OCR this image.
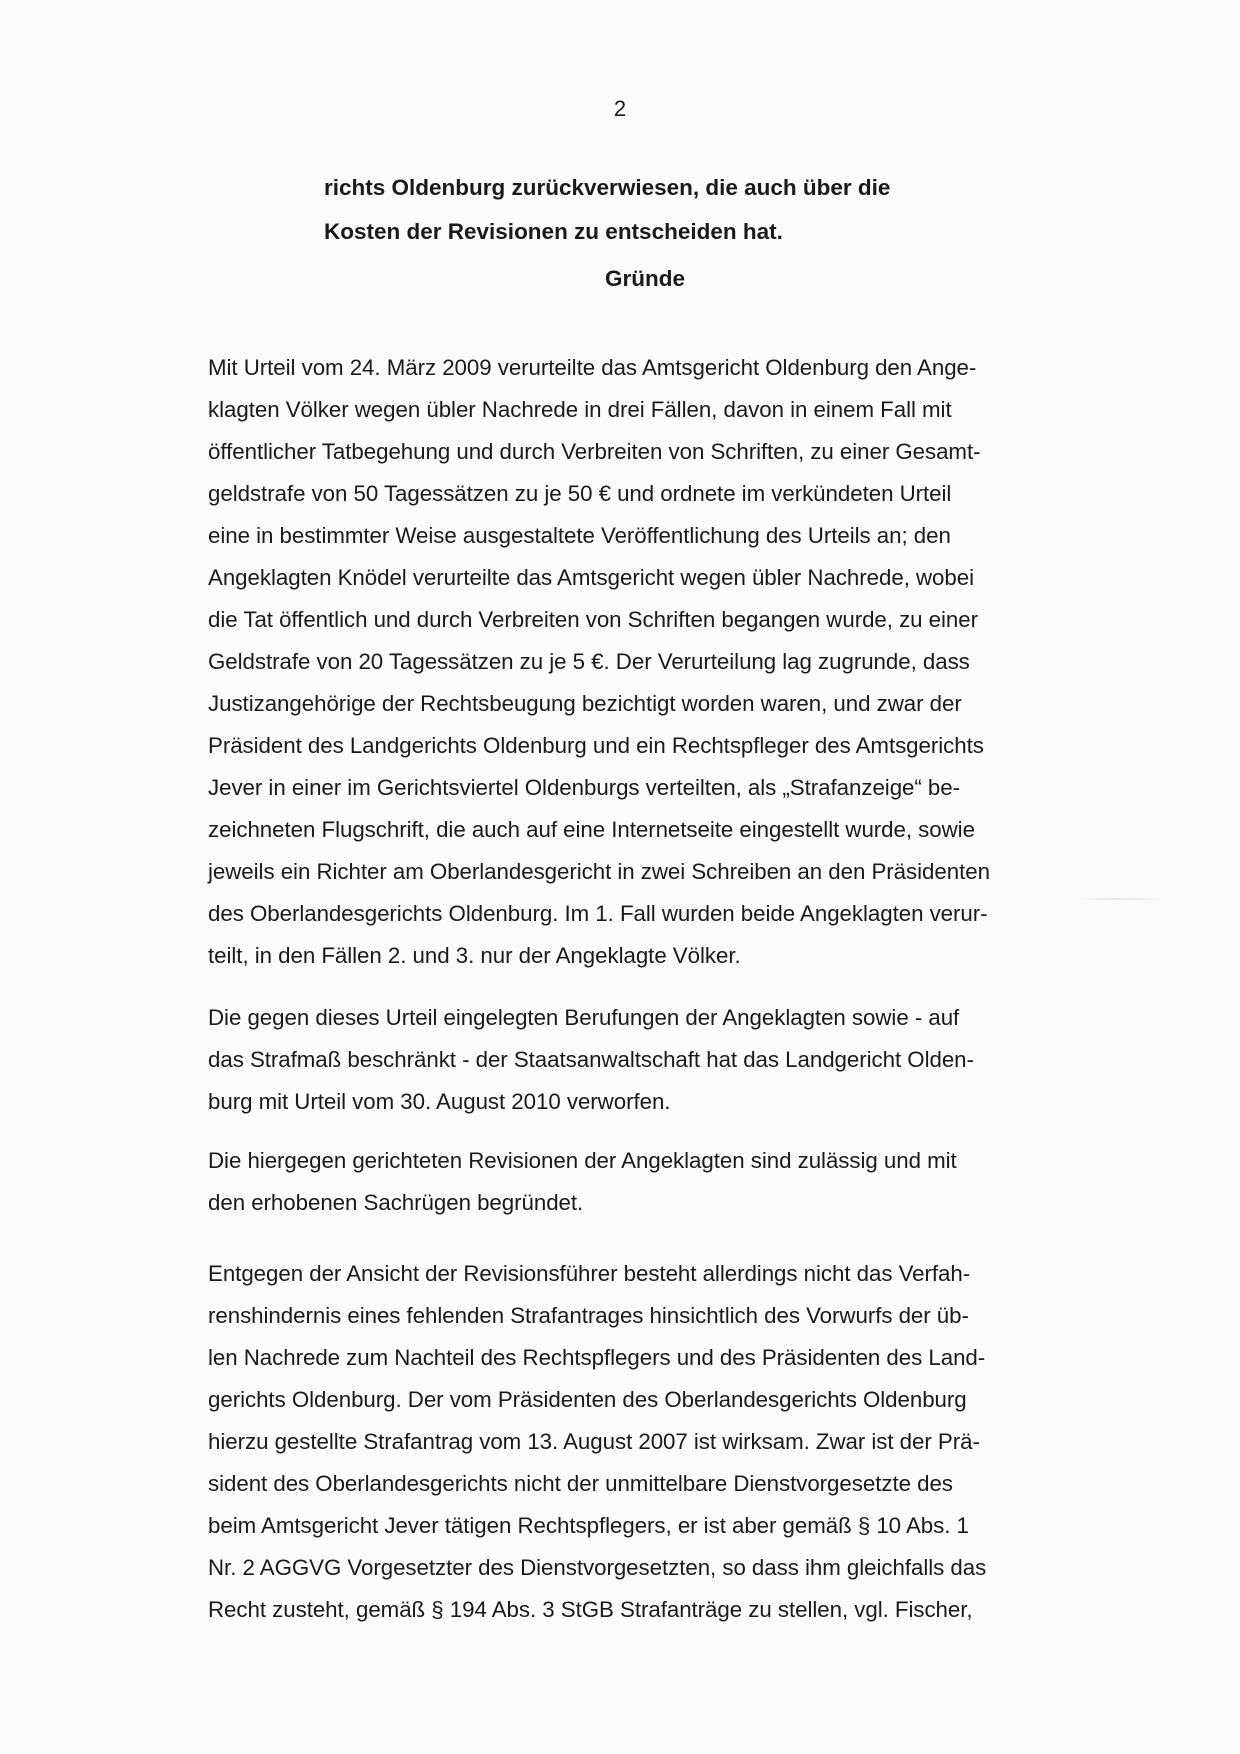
2
richts Oldenburg zurückverwiesen, die auch über die
Kosten der Revisionen zu entscheiden hat.
Gründe
Mit Urteil vom 24. März 2009 verurteilte das Amtsgericht Oldenburg den Ange-
klagten Völker wegen übler Nachrede in drei Fällen, davon in einem Fall mit
öffentlicher Tatbegehung und durch Verbreiten von Schriften, zu einer Gesamt-
geldstrafe von 50 Tagessätzen zu je 50 € und ordnete im verkündeten Urteil
eine in bestimmter Weise ausgestaltete Veröffentlichung des Urteils an; den
Angeklagten Knödel verurteilte das Amtsgericht wegen übler Nachrede, wobei
die Tat öffentlich und durch Verbreiten von Schriften begangen wurde, zu einer
Geldstrafe von 20 Tagessätzen zu je 5 €. Der Verurteilung lag zugrunde, dass
Justizangehörige der Rechtsbeugung bezichtigt worden waren, und zwar der
Präsident des Landgerichts Oldenburg und ein Rechtspfleger des Amtsgerichts
Jever in einer im Gerichtsviertel Oldenburgs verteilten, als „Strafanzeige“ be-
zeichneten Flugschrift, die auch auf eine Internetseite eingestellt wurde, sowie
jeweils ein Richter am Oberlandesgericht in zwei Schreiben an den Präsidenten
des Oberlandesgerichts Oldenburg. Im 1. Fall wurden beide Angeklagten verur-
teilt, in den Fällen 2. und 3. nur der Angeklagte Völker.
Die gegen dieses Urteil eingelegten Berufungen der Angeklagten sowie - auf
das Strafmaß beschränkt - der Staatsanwaltschaft hat das Landgericht Olden-
burg mit Urteil vom 30. August 2010 verworfen.
Die hiergegen gerichteten Revisionen der Angeklagten sind zulässig und mit
den erhobenen Sachrügen begründet.
Entgegen der Ansicht der Revisionsführer besteht allerdings nicht das Verfah-
renshindernis eines fehlenden Strafantrages hinsichtlich des Vorwurfs der üb-
len Nachrede zum Nachteil des Rechtspflegers und des Präsidenten des Land-
gerichts Oldenburg. Der vom Präsidenten des Oberlandesgerichts Oldenburg
hierzu gestellte Strafantrag vom 13. August 2007 ist wirksam. Zwar ist der Prä-
sident des Oberlandesgerichts nicht der unmittelbare Dienstvorgesetzte des
beim Amtsgericht Jever tätigen Rechtspflegers, er ist aber gemäß § 10 Abs. 1
Nr. 2 AGGVG Vorgesetzter des Dienstvorgesetzten, so dass ihm gleichfalls das
Recht zusteht, gemäß § 194 Abs. 3 StGB Strafanträge zu stellen, vgl. Fischer,
